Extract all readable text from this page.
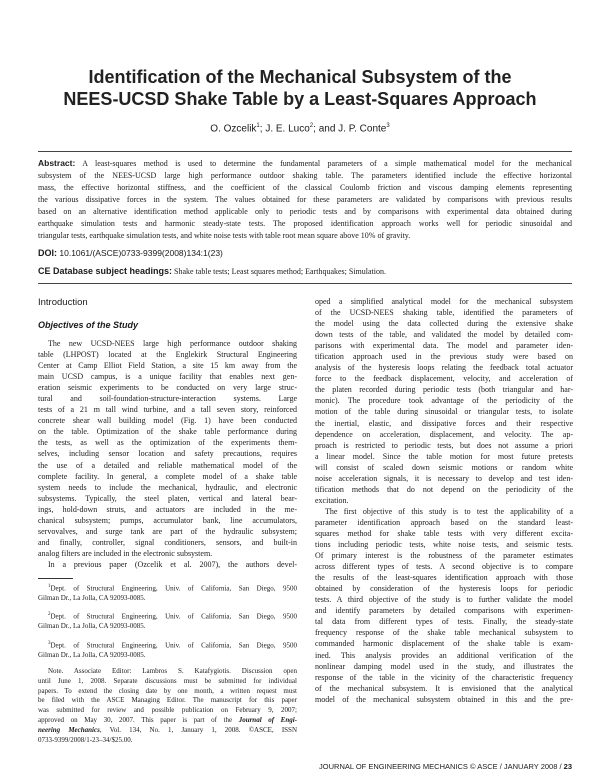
Identification of the Mechanical Subsystem of the
NEES-UCSD Shake Table by a Least-Squares Approach
O. Ozcelik$^1$; J. E. Luco$^2$; and J. P. Conte$^3$
Abstract: A least-squares method is used to determine the fundamental parameters of a simple mathematical model for the mechanical
subsystem of the NEES-UCSD large high performance outdoor shaking table. The parameters identified include the effective horizontal
mass, the effective horizontal stiffness, and the coefficient of the classical Coulomb friction and viscous damping elements representing
the various dissipative forces in the system. The values obtained for these parameters are validated by comparisons with previous results
based on an alternative identification method applicable only to periodic tests and by comparisons with experimental data obtained during
earthquake simulation tests and harmonic steady-state tests. The proposed identification approach works well for periodic sinusoidal and
triangular tests, earthquake simulation tests, and white noise tests with table root mean square above 10% of gravity.
DOI: 10.1061/(ASCE)0733-9399(2008)134:1(23)
CE Database subject headings: Shake table tests; Least squares method; Earthquakes; Simulation.
Introduction
Objectives of the Study
The new UCSD-NEES large high performance outdoor shaking
table (LHPOST) located at the Englekirk Structural Engineering
Center at Camp Elliot Field Station, a site 15 km away from the
main UCSD campus, is a unique facility that enables next gen-
eration seismic experiments to be conducted on very large struc-
tural and soil-foundation-structure-interaction systems. Large
tests of a 21 m tall wind turbine, and a tall seven story, reinforced
concrete shear wall building model (Fig. 1) have been conducted
on the table. Optimization of the shake table performance during
the tests, as well as the optimization of the experiments them-
selves, including sensor location and safety precautions, requires
the use of a detailed and reliable mathematical model of the
complete facility. In general, a complete model of a shake table
system needs to include the mechanical, hydraulic, and electronic
subsystems. Typically, the steel platen, vertical and lateral bear-
ings, hold-down struts, and actuators are included in the me-
chanical subsystem; pumps, accumulator bank, line accumulators,
servovalves, and surge tank are part of the hydraulic subsystem;
and finally, controller, signal conditioners, sensors, and built-in
analog filters are included in the electronic subsystem.
In a previous paper (Ozcelik et al. 2007), the authors devel-
$^1$Dept. of Structural Engineering, Univ. of California, San Diego, 9500
Gilman Dr., La Jolla, CA 92093-0085.
$^2$Dept. of Structural Engineering, Univ. of California, San Diego, 9500
Gilman Dr., La Jolla, CA 92093-0085.
$^3$Dept. of Structural Engineering, Univ. of California, San Diego, 9500
Gilman Dr., La Jolla, CA 92093-0085.
Note. Associate Editor: Lambros S. Katafygiotis. Discussion open
until June 1, 2008. Separate discussions must be submitted for individual
papers. To extend the closing date by one month, a written request must
be filed with the ASCE Managing Editor. The manuscript for this paper
was submitted for review and possible publication on February 9, 2007;
approved on May 30, 2007. This paper is part of the Journal of Engi-
neering Mechanics, Vol. 134, No. 1, January 1, 2008. ©ASCE, ISSN
0733-9399/2008/1-23–34/$25.00.
oped a simplified analytical model for the mechanical subsystem
of the UCSD-NEES shaking table, identified the parameters of
the model using the data collected during the extensive shake
down tests of the table, and validated the model by detailed com-
parisons with experimental data. The model and parameter iden-
tification approach used in the previous study were based on
analysis of the hysteresis loops relating the feedback total actuator
force to the feedback displacement, velocity, and acceleration of
the platen recorded during periodic tests (both triangular and har-
monic). The procedure took advantage of the periodicity of the
motion of the table during sinusoidal or triangular tests, to isolate
the inertial, elastic, and dissipative forces and their respective
dependence on acceleration, displacement, and velocity. The ap-
proach is restricted to periodic tests, but does not assume a priori
a linear model. Since the table motion for most future pretests
will consist of scaled down seismic motions or random white
noise acceleration signals, it is necessary to develop and test iden-
tification methods that do not depend on the periodicity of the
excitation.
The first objective of this study is to test the applicability of a
parameter identification approach based on the standard least-
squares method for shake table tests with very different excita-
tions including periodic tests, white noise tests, and seismic tests.
Of primary interest is the robustness of the parameter estimates
across different types of tests. A second objective is to compare
the results of the least-squares identification approach with those
obtained by consideration of the hysteresis loops for periodic
tests. A third objective of the study is to further validate the model
and identify parameters by detailed comparisons with experimen-
tal data from different types of tests. Finally, the steady-state
frequency response of the shake table mechanical subsystem to
commanded harmonic displacement of the shake table is exam-
ined. This analysis provides an additional verification of the
nonlinear damping model used in the study, and illustrates the
response of the table in the vicinity of the characteristic frequency
of the mechanical subsystem. It is envisioned that the analytical
model of the mechanical subsystem obtained in this and the pre-
JOURNAL OF ENGINEERING MECHANICS © ASCE / JANUARY 2008 / 23
